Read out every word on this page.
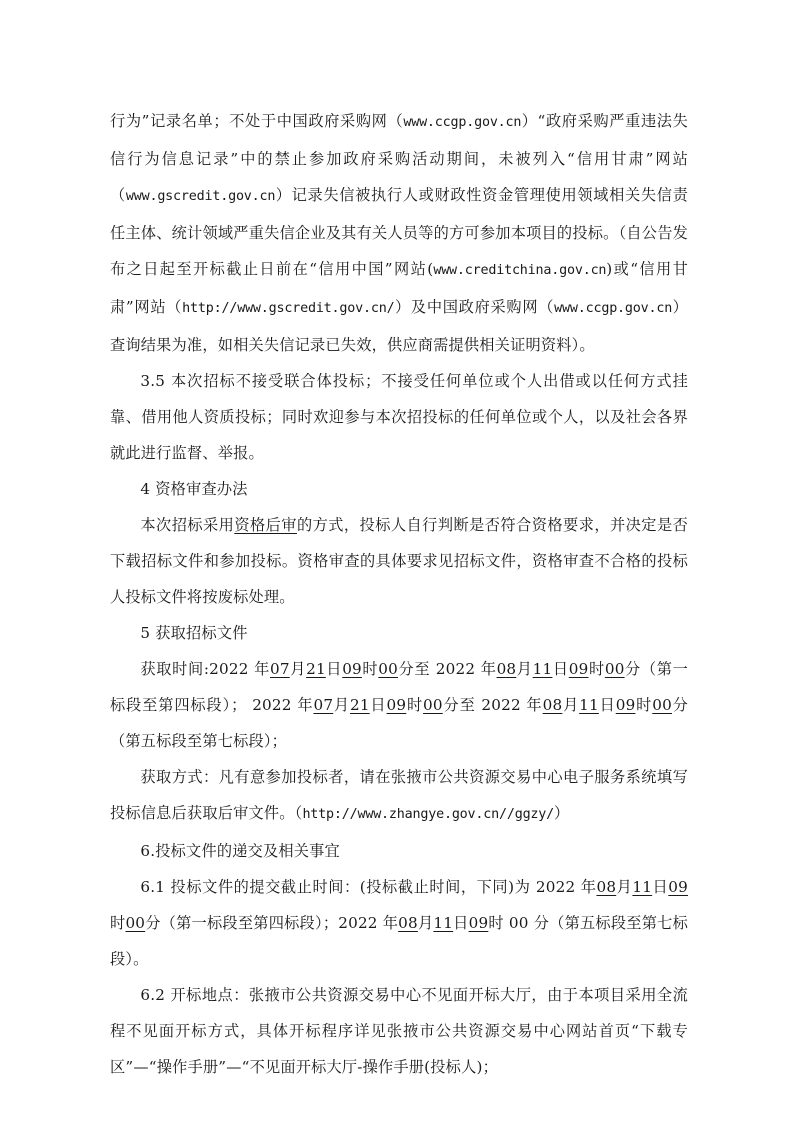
行为”记录名单；不处于中国政府采购网（www.ccgp.gov.cn）“政府采购严重违法失信行为信息记录”中的禁止参加政府采购活动期间，未被列入“信用甘肃”网站（www.gscredit.gov.cn）记录失信被执行人或财政性资金管理使用领域相关失信责任主体、统计领域严重失信企业及其有关人员等的方可参加本项目的投标。（自公告发布之日起至开标截止日前在“信用中国”网站(www.creditchina.gov.cn)或“信用甘肃”网站（http://www.gscredit.gov.cn/）及中国政府采购网（www.ccgp.gov.cn）查询结果为准，如相关失信记录已失效，供应商需提供相关证明资料）。

3.5 本次招标不接受联合体投标；不接受任何单位或个人出借或以任何方式挂靠、借用他人资质投标；同时欢迎参与本次招投标的任何单位或个人，以及社会各界就此进行监督、举报。

4 资格审查办法

本次招标采用资格后审的方式，投标人自行判断是否符合资格要求，并决定是否下载招标文件和参加投标。资格审查的具体要求见招标文件，资格审查不合格的投标人投标文件将按废标处理。

5 获取招标文件

获取时间:2022 年07月21日09时00分至 2022 年08月11日09时00分（第一标段至第四标段）； 2022 年07月21日09时00分至 2022 年08月11日09时00分（第五标段至第七标段）；

获取方式：凡有意参加投标者，请在张掖市公共资源交易中心电子服务系统填写投标信息后获取后审文件。（http://www.zhangye.gov.cn//ggzy/）

6.投标文件的递交及相关事宜

6.1 投标文件的提交截止时间：(投标截止时间，下同)为 2022 年08月11日09时00分（第一标段至第四标段）；2022 年08月11日09时 00 分（第五标段至第七标段）。

6.2 开标地点：张掖市公共资源交易中心不见面开标大厅，由于本项目采用全流程不见面开标方式，具体开标程序详见张掖市公共资源交易中心网站首页“下载专区”—“操作手册”—“不见面开标大厅-操作手册(投标人)；
